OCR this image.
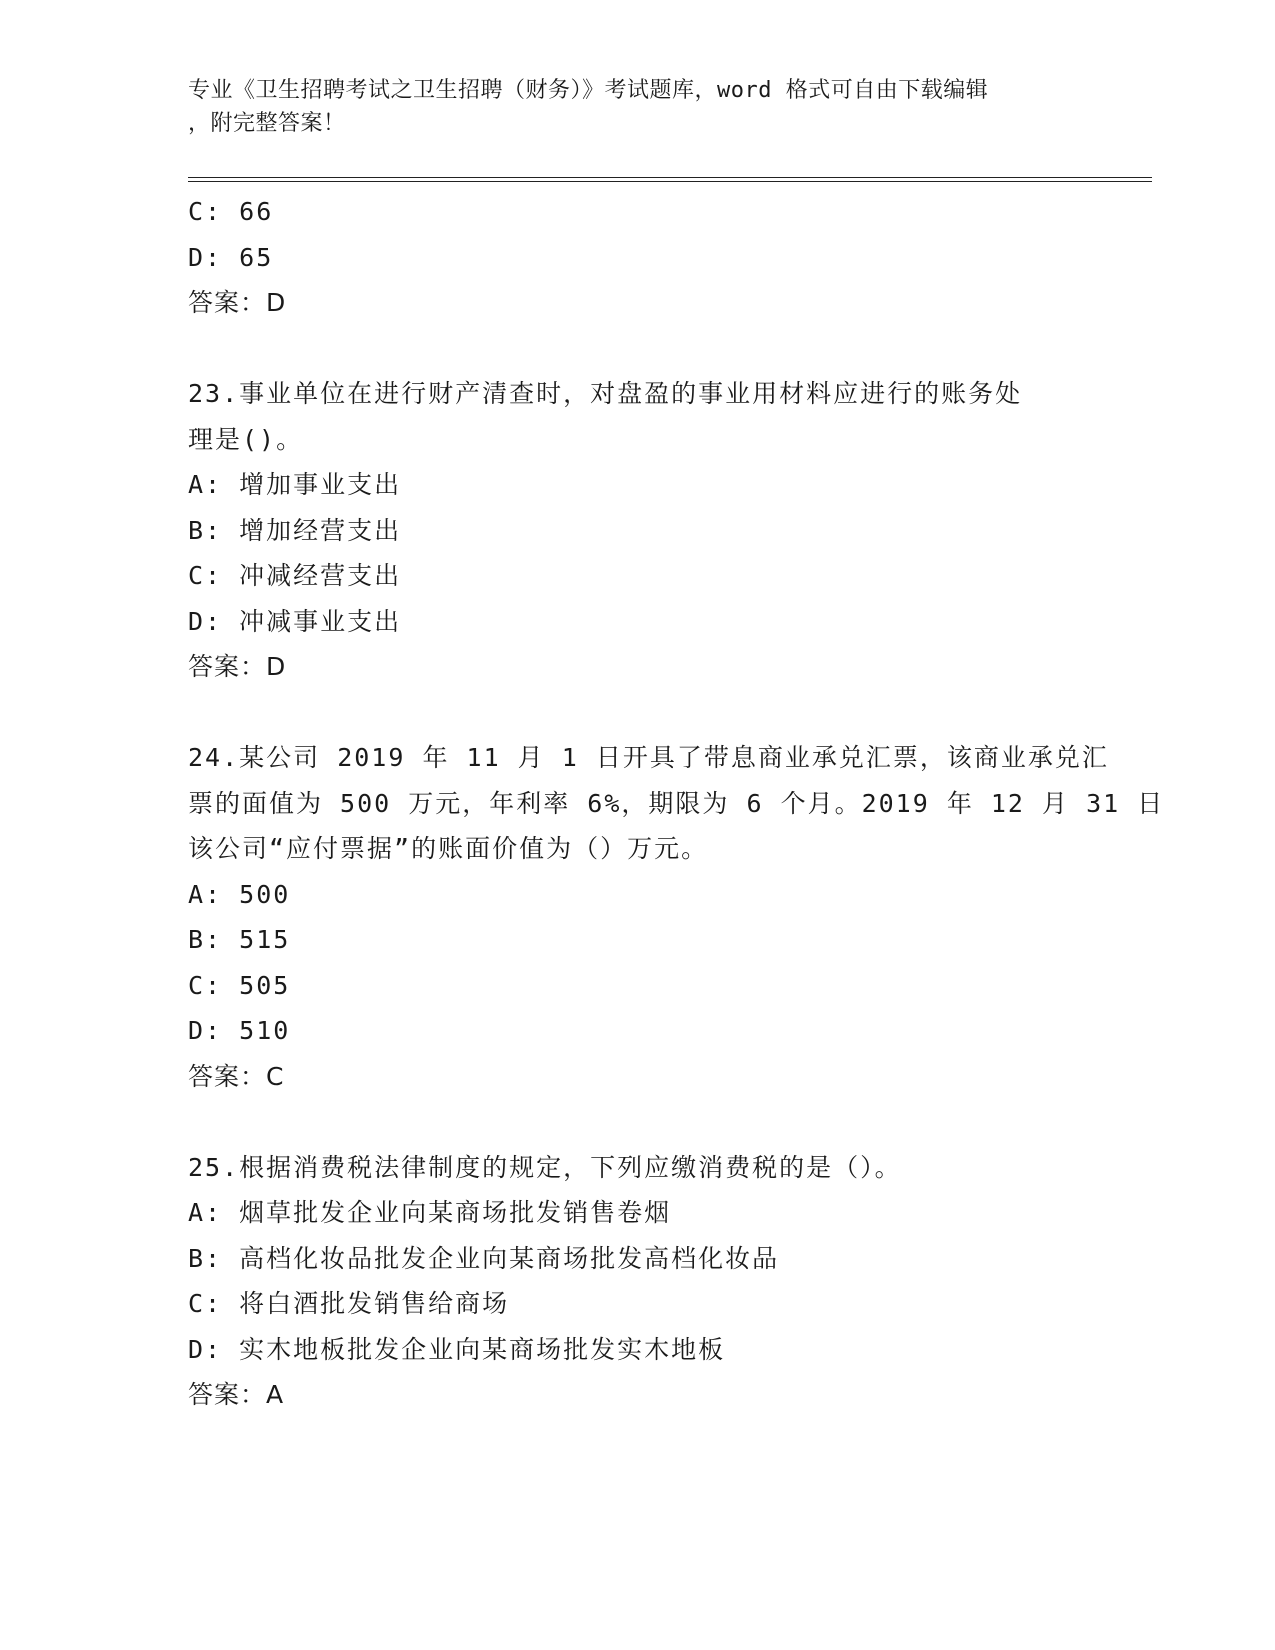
专业《卫生招聘考试之卫生招聘（财务）》考试题库，word 格式可自由下载编辑
，附完整答案！
C: 66
D: 65
答案：D
23.事业单位在进行财产清查时，对盘盈的事业用材料应进行的账务处
理是()。
A: 增加事业支出
B: 增加经营支出
C: 冲减经营支出
D: 冲减事业支出
答案：D
24.某公司 2019 年 11 月 1 日开具了带息商业承兑汇票，该商业承兑汇
票的面值为 500 万元，年利率 6%，期限为 6 个月。2019 年 12 月 31 日
该公司“应付票据”的账面价值为（）万元。
A: 500
B: 515
C: 505
D: 510
答案：C
25.根据消费税法律制度的规定，下列应缴消费税的是（）。
A: 烟草批发企业向某商场批发销售卷烟
B: 高档化妆品批发企业向某商场批发高档化妆品
C: 将白酒批发销售给商场
D: 实木地板批发企业向某商场批发实木地板
答案：A
